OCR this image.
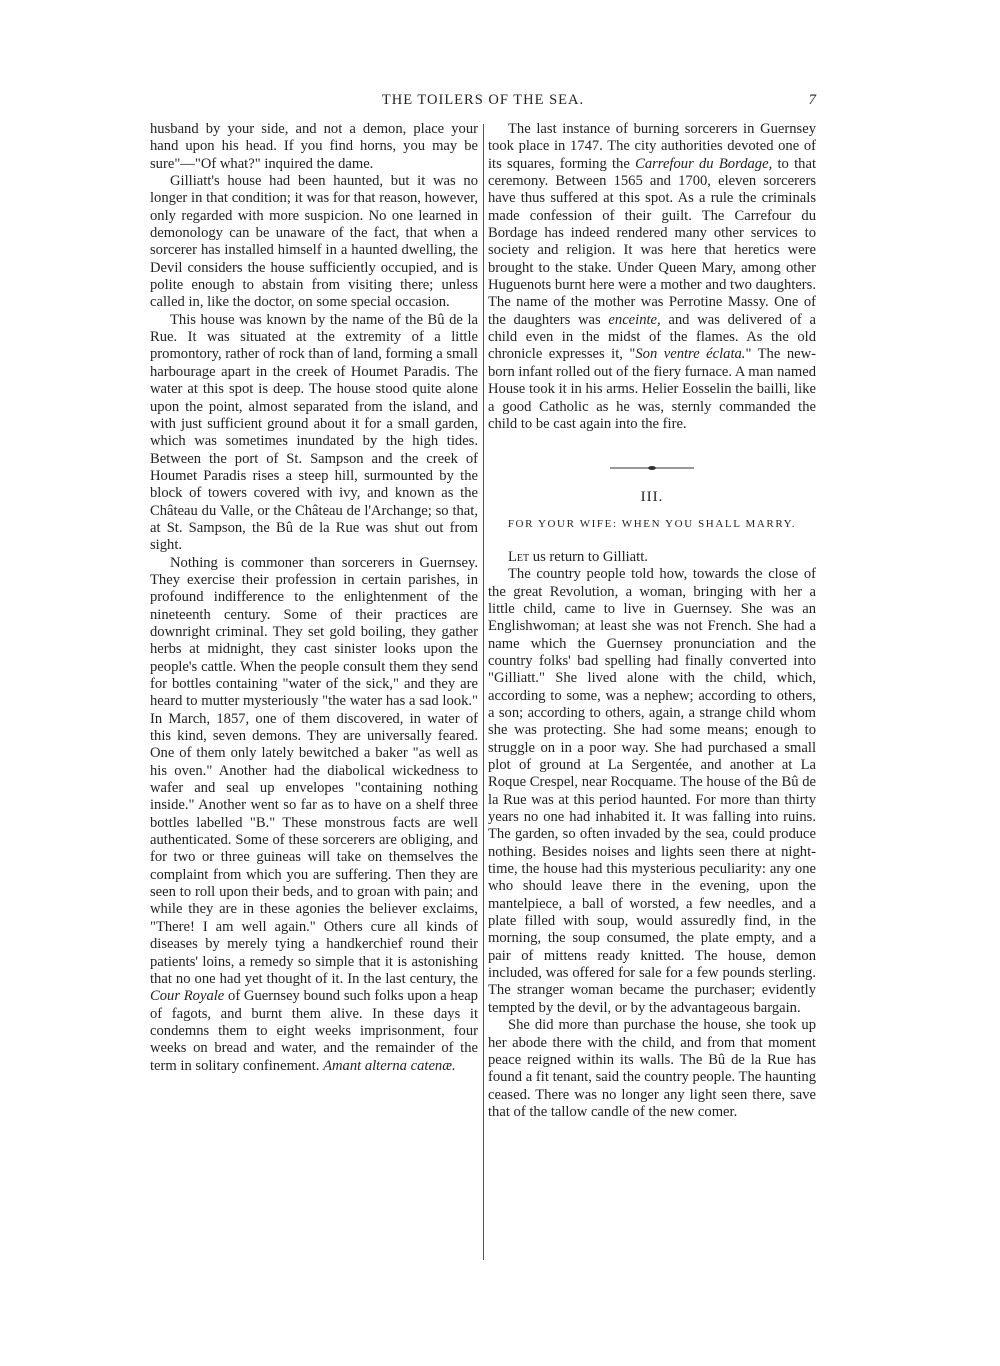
THE TOILERS OF THE SEA.	7

husband by your side, and not a demon, place your hand upon his head. If you find horns, you may be sure"—"Of what?" inquired the dame.

Gilliatt's house had been haunted, but it was no longer in that condition; it was for that reason, however, only regarded with more suspicion. No one learned in demonology can be unaware of the fact, that when a sorcerer has installed himself in a haunted dwelling, the Devil considers the house sufficiently occupied, and is polite enough to abstain from visiting there; unless called in, like the doctor, on some special occasion.

This house was known by the name of the Bû de la Rue. It was situated at the extremity of a little promontory, rather of rock than of land, forming a small harbourage apart in the creek of Houmet Paradis. The water at this spot is deep. The house stood quite alone upon the point, almost separated from the island, and with just sufficient ground about it for a small garden, which was sometimes inundated by the high tides. Between the port of St. Sampson and the creek of Houmet Paradis rises a steep hill, surmounted by the block of towers covered with ivy, and known as the Château du Valle, or the Château de l'Archange; so that, at St. Sampson, the Bû de la Rue was shut out from sight.

Nothing is commoner than sorcerers in Guernsey. They exercise their profession in certain parishes, in profound indifference to the enlightenment of the nineteenth century. Some of their practices are downright criminal. They set gold boiling, they gather herbs at midnight, they cast sinister looks upon the people's cattle. When the people consult them they send for bottles containing "water of the sick," and they are heard to mutter mysteriously "the water has a sad look." In March, 1857, one of them discovered, in water of this kind, seven demons. They are universally feared. One of them only lately bewitched a baker "as well as his oven." Another had the diabolical wickedness to wafer and seal up envelopes "containing nothing inside." Another went so far as to have on a shelf three bottles labelled "B." These monstrous facts are well authenticated. Some of these sorcerers are obliging, and for two or three guineas will take on themselves the complaint from which you are suffering. Then they are seen to roll upon their beds, and to groan with pain; and while they are in these agonies the believer exclaims, "There! I am well again." Others cure all kinds of diseases by merely tying a handkerchief round their patients' loins, a remedy so simple that it is astonishing that no one had yet thought of it. In the last century, the Cour Royale of Guernsey bound such folks upon a heap of fagots, and burnt them alive. In these days it condemns them to eight weeks imprisonment, four weeks on bread and water, and the remainder of the term in solitary confinement. Amant alterna catenæ.

The last instance of burning sorcerers in Guernsey took place in 1747. The city authorities devoted one of its squares, forming the Carrefour du Bordage, to that ceremony. Between 1565 and 1700, eleven sorcerers have thus suffered at this spot. As a rule the criminals made confession of their guilt. The Carrefour du Bordage has indeed rendered many other services to society and religion. It was here that heretics were brought to the stake. Under Queen Mary, among other Huguenots burnt here were a mother and two daughters. The name of the mother was Perrotine Massy. One of the daughters was enceinte, and was delivered of a child even in the midst of the flames. As the old chronicle expresses it, "Son ventre éclata." The new-born infant rolled out of the fiery furnace. A man named House took it in his arms. Helier Eosselin the bailli, like a good Catholic as he was, sternly commanded the child to be cast again into the fire.

III.
FOR YOUR WIFE: WHEN YOU SHALL MARRY.

Let us return to Gilliatt.

The country people told how, towards the close of the great Revolution, a woman, bringing with her a little child, came to live in Guernsey. She was an Englishwoman; at least she was not French. She had a name which the Guernsey pronunciation and the country folks' bad spelling had finally converted into "Gilliatt." She lived alone with the child, which, according to some, was a nephew; according to others, a son; according to others, again, a strange child whom she was protecting. She had some means; enough to struggle on in a poor way. She had purchased a small plot of ground at La Sergentée, and another at La Roque Crespel, near Rocquame. The house of the Bû de la Rue was at this period haunted. For more than thirty years no one had inhabited it. It was falling into ruins. The garden, so often invaded by the sea, could produce nothing. Besides noises and lights seen there at night-time, the house had this mysterious peculiarity: any one who should leave there in the evening, upon the mantelpiece, a ball of worsted, a few needles, and a plate filled with soup, would assuredly find, in the morning, the soup consumed, the plate empty, and a pair of mittens ready knitted. The house, demon included, was offered for sale for a few pounds sterling. The stranger woman became the purchaser; evidently tempted by the devil, or by the advantageous bargain.

She did more than purchase the house, she took up her abode there with the child, and from that moment peace reigned within its walls. The Bû de la Rue has found a fit tenant, said the country people. The haunting ceased. There was no longer any light seen there, save that of the tallow candle of the new comer.
